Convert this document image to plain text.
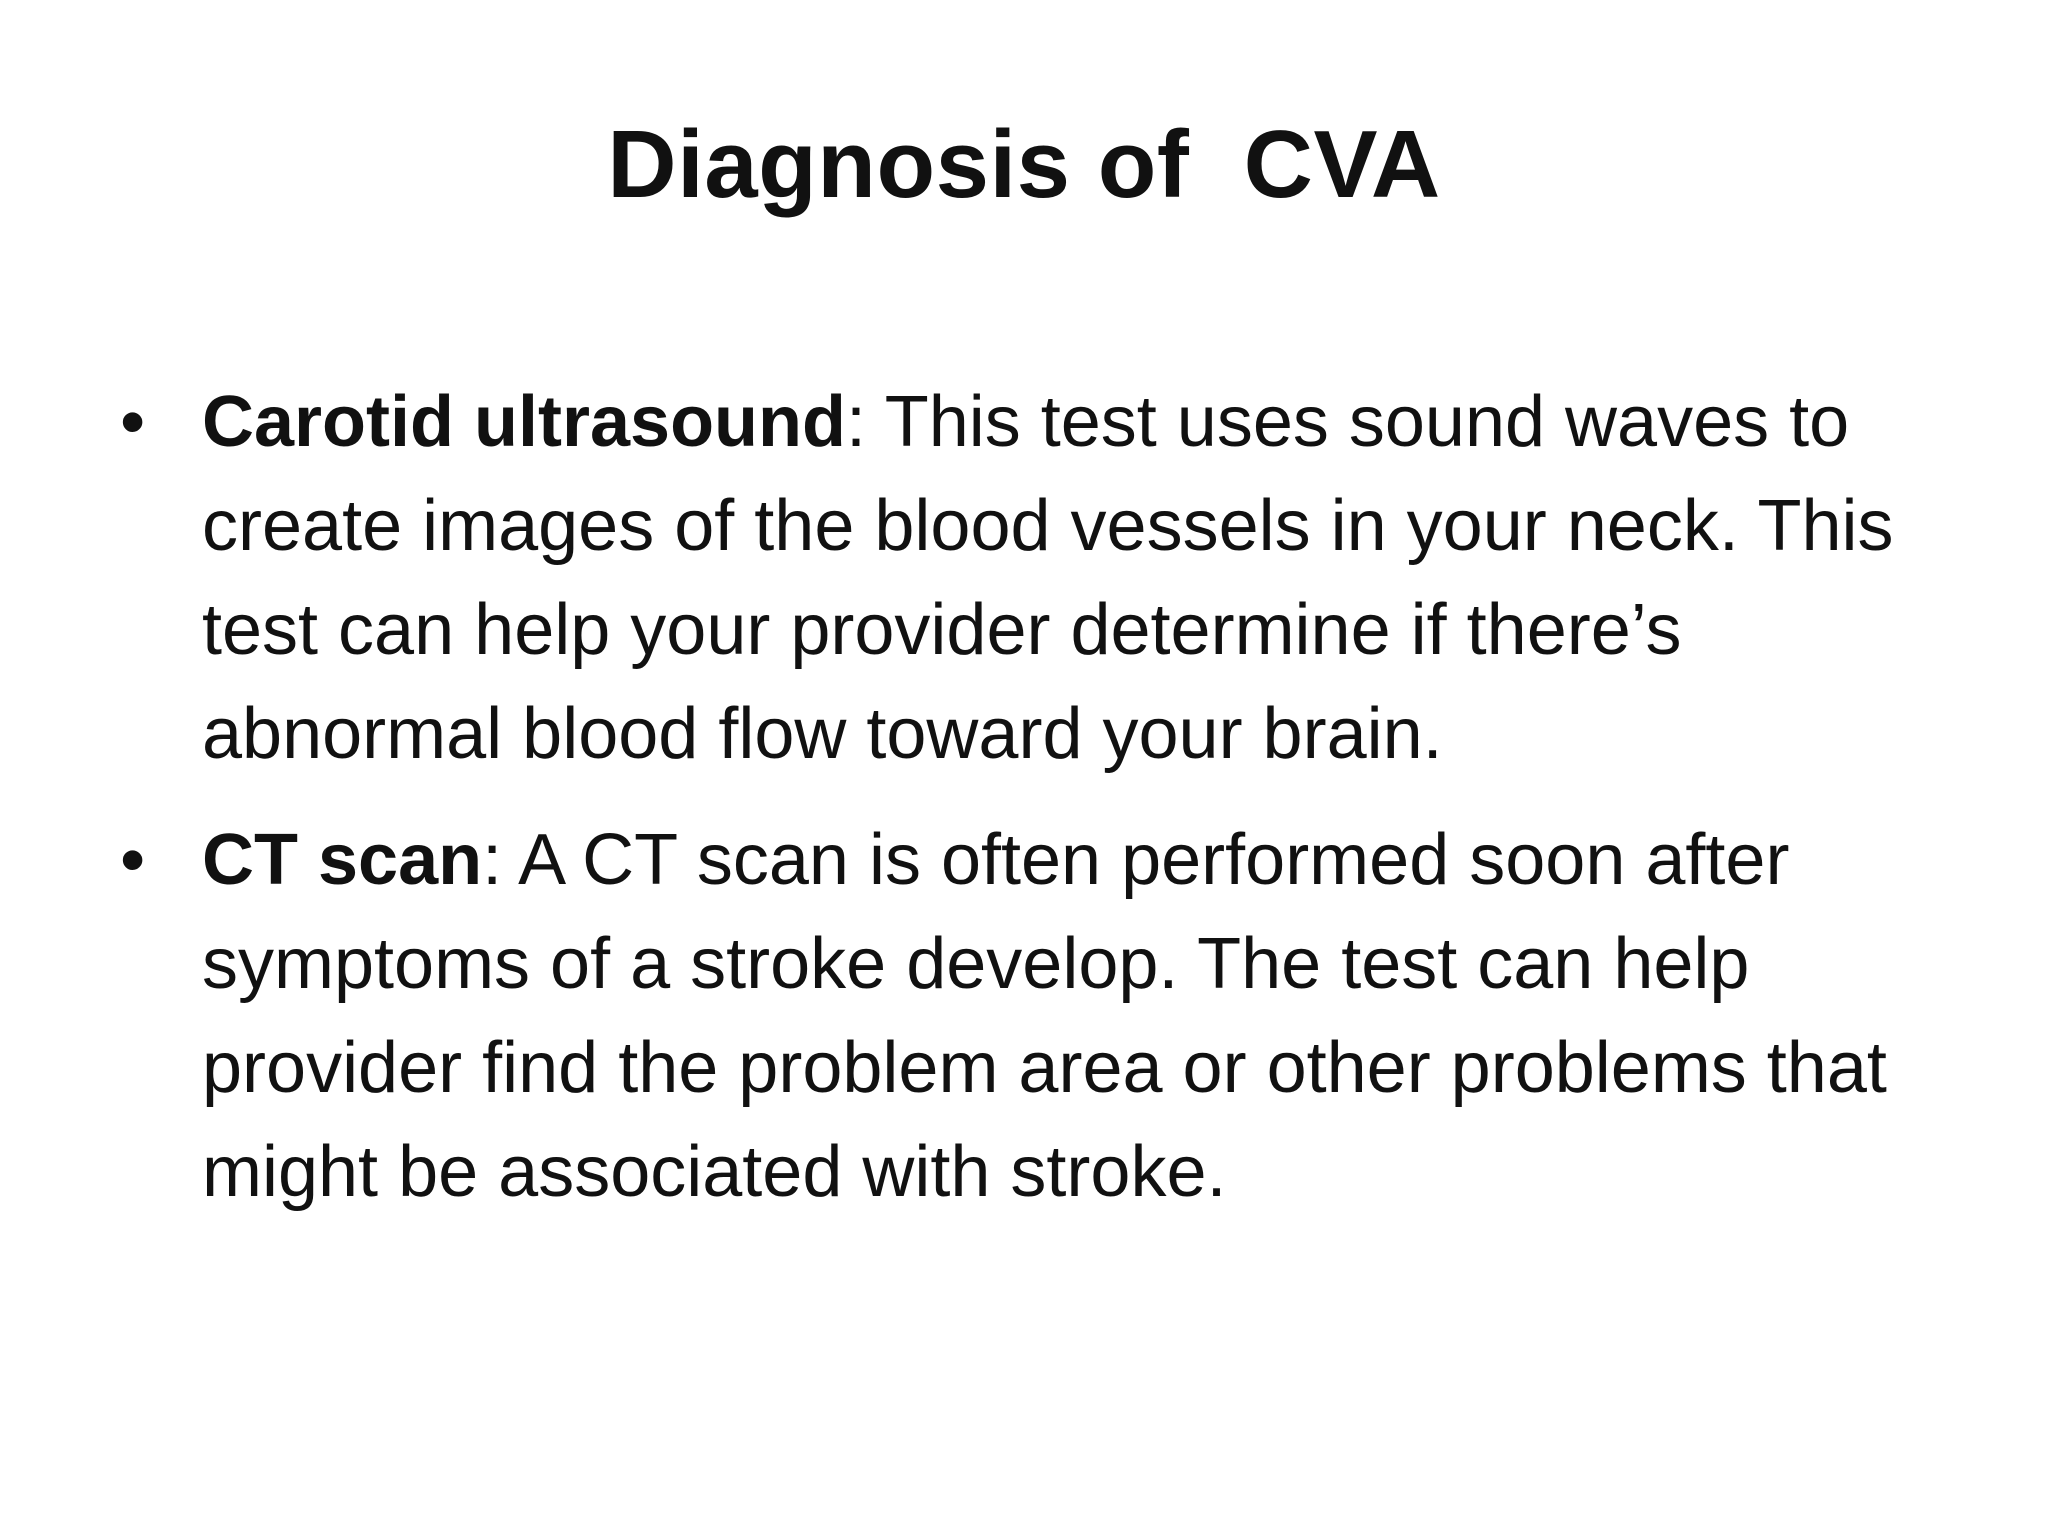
Diagnosis of  CVA
• Carotid ultrasound: This test uses sound waves to create images of the blood vessels in your neck. This test can help your provider determine if there’s abnormal blood flow toward your brain.
• CT scan: A CT scan is often performed soon after symptoms of a stroke develop. The test can help provider find the problem area or other problems that might be associated with stroke.
